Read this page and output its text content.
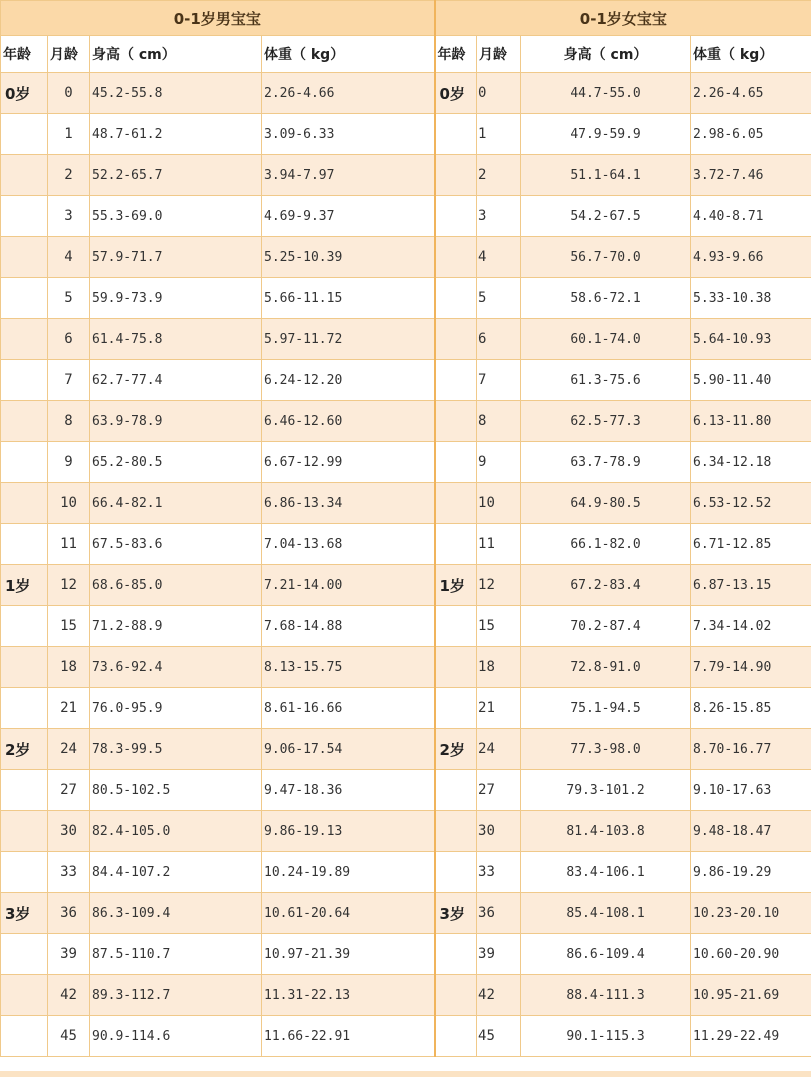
0-1岁男宝宝				0-1岁女宝宝			
年龄	月龄	身高（ cm）	体重（ kg）	年龄	月龄	身高（ cm）	体重（ kg）
0岁	0	45.2-55.8	2.26-4.66	0岁	0	44.7-55.0	2.26-4.65
	1	48.7-61.2	3.09-6.33		1	47.9-59.9	2.98-6.05
	2	52.2-65.7	3.94-7.97		2	51.1-64.1	3.72-7.46
	3	55.3-69.0	4.69-9.37		3	54.2-67.5	4.40-8.71
	4	57.9-71.7	5.25-10.39		4	56.7-70.0	4.93-9.66
	5	59.9-73.9	5.66-11.15		5	58.6-72.1	5.33-10.38
	6	61.4-75.8	5.97-11.72		6	60.1-74.0	5.64-10.93
	7	62.7-77.4	6.24-12.20		7	61.3-75.6	5.90-11.40
	8	63.9-78.9	6.46-12.60		8	62.5-77.3	6.13-11.80
	9	65.2-80.5	6.67-12.99		9	63.7-78.9	6.34-12.18
	10	66.4-82.1	6.86-13.34		10	64.9-80.5	6.53-12.52
	11	67.5-83.6	7.04-13.68		11	66.1-82.0	6.71-12.85
1岁	12	68.6-85.0	7.21-14.00	1岁	12	67.2-83.4	6.87-13.15
	15	71.2-88.9	7.68-14.88		15	70.2-87.4	7.34-14.02
	18	73.6-92.4	8.13-15.75		18	72.8-91.0	7.79-14.90
	21	76.0-95.9	8.61-16.66		21	75.1-94.5	8.26-15.85
2岁	24	78.3-99.5	9.06-17.54	2岁	24	77.3-98.0	8.70-16.77
	27	80.5-102.5	9.47-18.36		27	79.3-101.2	9.10-17.63
	30	82.4-105.0	9.86-19.13		30	81.4-103.8	9.48-18.47
	33	84.4-107.2	10.24-19.89		33	83.4-106.1	9.86-19.29
3岁	36	86.3-109.4	10.61-20.64	3岁	36	85.4-108.1	10.23-20.10
	39	87.5-110.7	10.97-21.39		39	86.6-109.4	10.60-20.90
	42	89.3-112.7	11.31-22.13		42	88.4-111.3	10.95-21.69
	45	90.9-114.6	11.66-22.91		45	90.1-115.3	11.29-22.49
